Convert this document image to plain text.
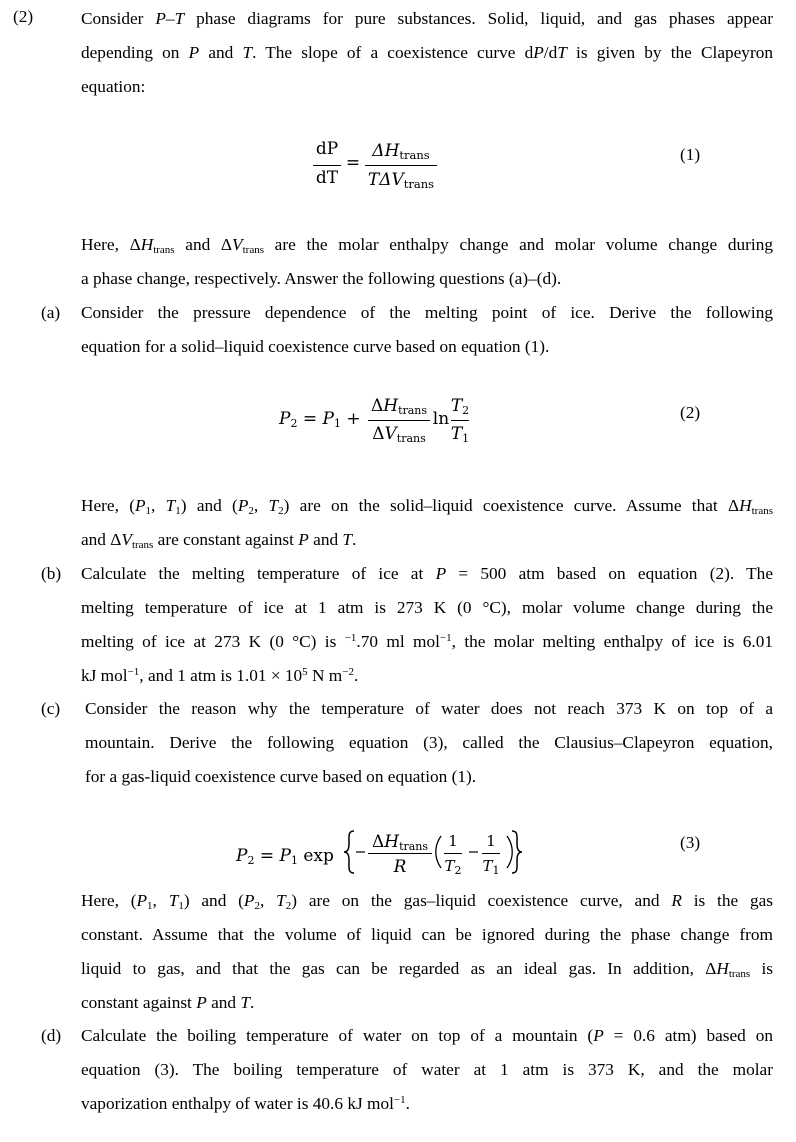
(2)	Consider P–T phase diagrams for pure substances. Solid, liquid, and gas phases appear
depending on P and T. The slope of a coexistence curve dP/dT is given by the Clapeyron
equation:
dP
dT
=
ΔHtrans
TΔVtrans
(1)
Here, $\Delta H_{trans}$ and $\Delta V_{trans}$ are the molar enthalpy change and molar volume change during
a phase change, respectively. Answer the following questions (a)–(d).
(a) Consider the pressure dependence of the melting point of ice. Derive the following
equation for a solid–liquid coexistence curve based on equation (1).
$P_2 = P_1$ +
$\Delta H_{trans}$
$\Delta V_{trans}$
ln
$T_2$
$T_1$
(2)
Here, ($P_1$, $T_1$) and ($P_2$, $T_2$) are on the solid–liquid coexistence curve. Assume that $\Delta H_{trans}$
and $\Delta V_{trans}$ are constant against P and T.
(b) Calculate the melting temperature of ice at P = 500 atm based on equation (2). The
melting temperature of ice at 1 atm is 273 K (0 °C), molar volume change during the
melting of ice at 273 K (0 °C) is $^{-1}$.70 ml mol$^{-1}$, the molar melting enthalpy of ice is 6.01
kJ mol$^{-1}$, and 1 atm is $1.01 \times 10^5$ N $m^{-2}$.
(c) Consider the reason why the temperature of water does not reach 373 K on top of a
mountain. Derive the following equation (3), called the Clausius–Clapeyron equation,
for a gas-liquid coexistence curve based on equation (1).
$P_2 = P_1$ exp
$\Delta H_{trans}$
R
1
$T_2$
1
$T_1$
(3)
Here, ($P_1$, $T_1$) and ($P_2$, $T_2$) are on the gas–liquid coexistence curve, and R is the gas
constant. Assume that the volume of liquid can be ignored during the phase change from
liquid to gas, and that the gas can be regarded as an ideal gas. In addition, $\Delta H_{trans}$ is
constant against P and T.
(d) Calculate the boiling temperature of water on top of a mountain (P = 0.6 atm) based on
equation (3). The boiling temperature of water at 1 atm is 373 K, and the molar
vaporization enthalpy of water is 40.6 kJ mol$^{-1}$.
